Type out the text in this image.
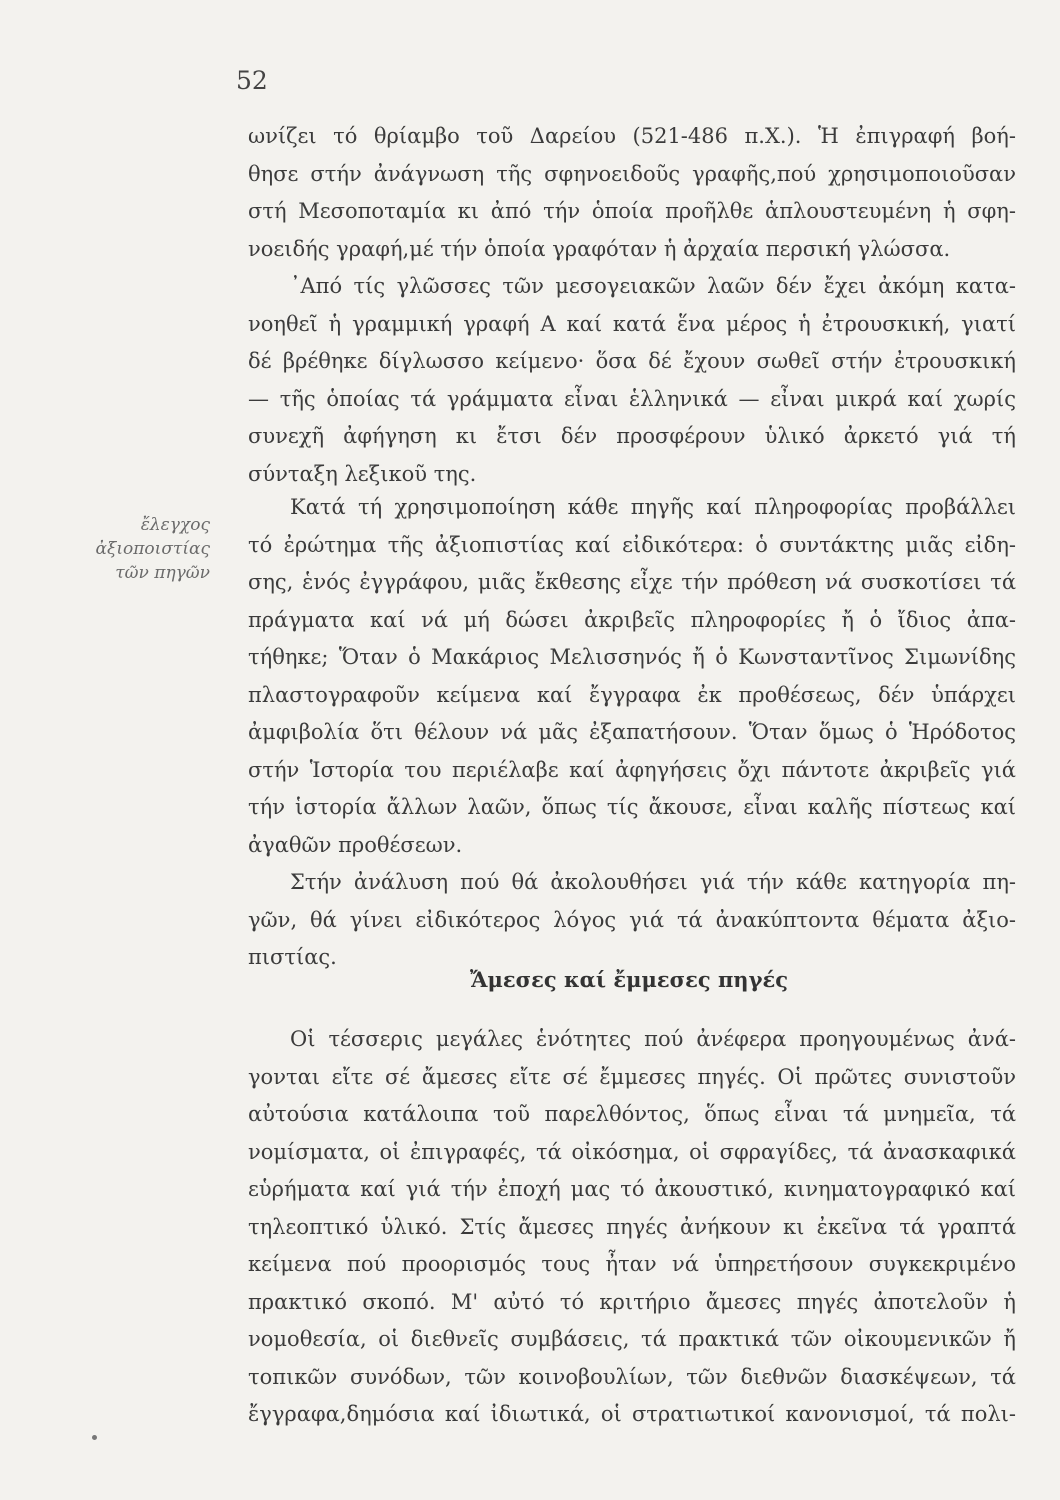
52
ἔλεγχος
ἀξιοποιστίας
τῶν πηγῶν
ωνίζει τό θρίαμβο τοῦ Δαρείου (521-486 π.Χ.). Ἡ ἐπιγραφή βοή-
θησε στήν ἀνάγνωση τῆς σφηνοειδοῦς γραφῆς,πού χρησιμοποιοῦσαν
στή Μεσοποταμία κι ἀπό τήν ὁποία προῆλθε ἁπλουστευμένη ἡ σφη-
νοειδής γραφή,μέ τήν ὁποία γραφόταν ἡ ἀρχαία περσική γλώσσα.
᾿Από τίς γλῶσσες τῶν μεσογειακῶν λαῶν δέν ἔχει ἀκόμη κατα-
νοηθεῖ ἡ γραμμική γραφή Α καί κατά ἕνα μέρος ἡ ἐτρουσκική, γιατί
δέ βρέθηκε δίγλωσσο κείμενο· ὅσα δέ ἔχουν σωθεῖ στήν ἐτρουσκική
— τῆς ὁποίας τά γράμματα εἶναι ἑλληνικά — εἶναι μικρά καί χωρίς
συνεχῆ ἀφήγηση κι ἔτσι δέν προσφέρουν ὑλικό ἀρκετό γιά τή
σύνταξη λεξικοῦ της.
Κατά τή χρησιμοποίηση κάθε πηγῆς καί πληροφορίας προβάλλει
τό ἐρώτημα τῆς ἀξιοπιστίας καί εἰδικότερα: ὁ συντάκτης μιᾶς εἰδη-
σης, ἑνός ἐγγράφου, μιᾶς ἔκθεσης εἶχε τήν πρόθεση νά συσκοτίσει τά
πράγματα καί νά μή δώσει ἀκριβεῖς πληροφορίες ἤ ὁ ἴδιος ἀπα-
τήθηκε; Ὅταν ὁ Μακάριος Μελισσηνός ἤ ὁ Κωνσταντῖνος Σιμωνίδης
πλαστογραφοῦν κείμενα καί ἔγγραφα ἐκ προθέσεως, δέν ὑπάρχει
ἀμφιβολία ὅτι θέλουν νά μᾶς ἐξαπατήσουν. Ὅταν ὅμως ὁ Ἡρόδοτος
στήν Ἱστορία του περιέλαβε καί ἀφηγήσεις ὄχι πάντοτε ἀκριβεῖς γιά
τήν ἱστορία ἄλλων λαῶν, ὅπως τίς ἄκουσε, εἶναι καλῆς πίστεως καί
ἀγαθῶν προθέσεων.
Στήν ἀνάλυση πού θά ἀκολουθήσει γιά τήν κάθε κατηγορία πη-
γῶν, θά γίνει εἰδικότερος λόγος γιά τά ἀνακύπτοντα θέματα ἀξιο-
πιστίας.
Ἄμεσες καί ἔμμεσες πηγές
Οἱ τέσσερις μεγάλες ἑνότητες πού ἀνέφερα προηγουμένως ἀνά-
γονται εἴτε σέ ἄμεσες εἴτε σέ ἔμμεσες πηγές. Οἱ πρῶτες συνιστοῦν
αὐτούσια κατάλοιπα τοῦ παρελθόντος, ὅπως εἶναι τά μνημεῖα, τά
νομίσματα, οἱ ἐπιγραφές, τά οἰκόσημα, οἱ σφραγίδες, τά ἀνασκαφικά
εὑρήματα καί γιά τήν ἐποχή μας τό ἀκουστικό, κινηματογραφικό καί
τηλεοπτικό ὑλικό. Στίς ἄμεσες πηγές ἀνήκουν κι ἐκεῖνα τά γραπτά
κείμενα πού προορισμός τους ἦταν νά ὑπηρετήσουν συγκεκριμένο
πρακτικό σκοπό. Μ' αὐτό τό κριτήριο ἄμεσες πηγές ἀποτελοῦν ἡ
νομοθεσία, οἱ διεθνεῖς συμβάσεις, τά πρακτικά τῶν οἰκουμενικῶν ἤ
τοπικῶν συνόδων, τῶν κοινοβουλίων, τῶν διεθνῶν διασκέψεων, τά
ἔγγραφα,δημόσια καί ἰδιωτικά, οἱ στρατιωτικοί κανονισμοί, τά πολι-
